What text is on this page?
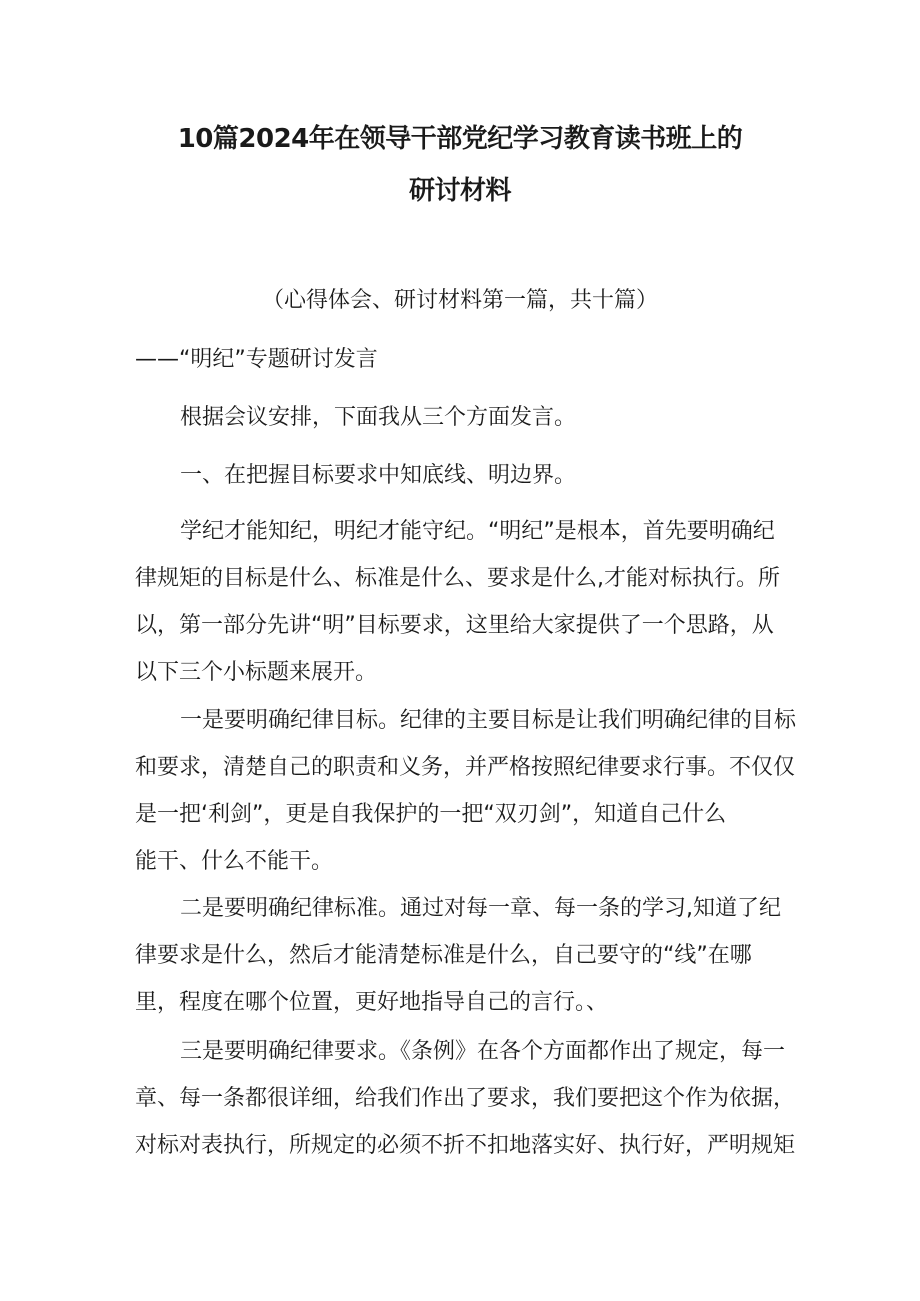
10篇2024年在领导干部党纪学习教育读书班上的
研讨材料
（心得体会、研讨材料第一篇，共十篇）
——“明纪”专题研讨发言
根据会议安排，下面我从三个方面发言。
一、在把握目标要求中知底线、明边界。
学纪才能知纪，明纪才能守纪。“明纪”是根本，首先要明确纪
律规矩的目标是什么、标准是什么、要求是什么,才能对标执行。所
以，第一部分先讲“明”目标要求，这里给大家提供了一个思路，从
以下三个小标题来展开。
一是要明确纪律目标。纪律的主要目标是让我们明确纪律的目标
和要求，清楚自己的职责和义务，并严格按照纪律要求行事。不仅仅
是一把‘利剑”，更是自我保护的一把“双刃剑”，知道自己什么
能干、什么不能干。
二是要明确纪律标准。通过对每一章、每一条的学习,知道了纪
律要求是什么，然后才能清楚标准是什么，自己要守的“线”在哪
里，程度在哪个位置，更好地指导自己的言行。、
三是要明确纪律要求。《条例》在各个方面都作出了规定，每一
章、每一条都很详细，给我们作出了要求，我们要把这个作为依据，
对标对表执行，所规定的必须不折不扣地落实好、执行好，严明规矩
